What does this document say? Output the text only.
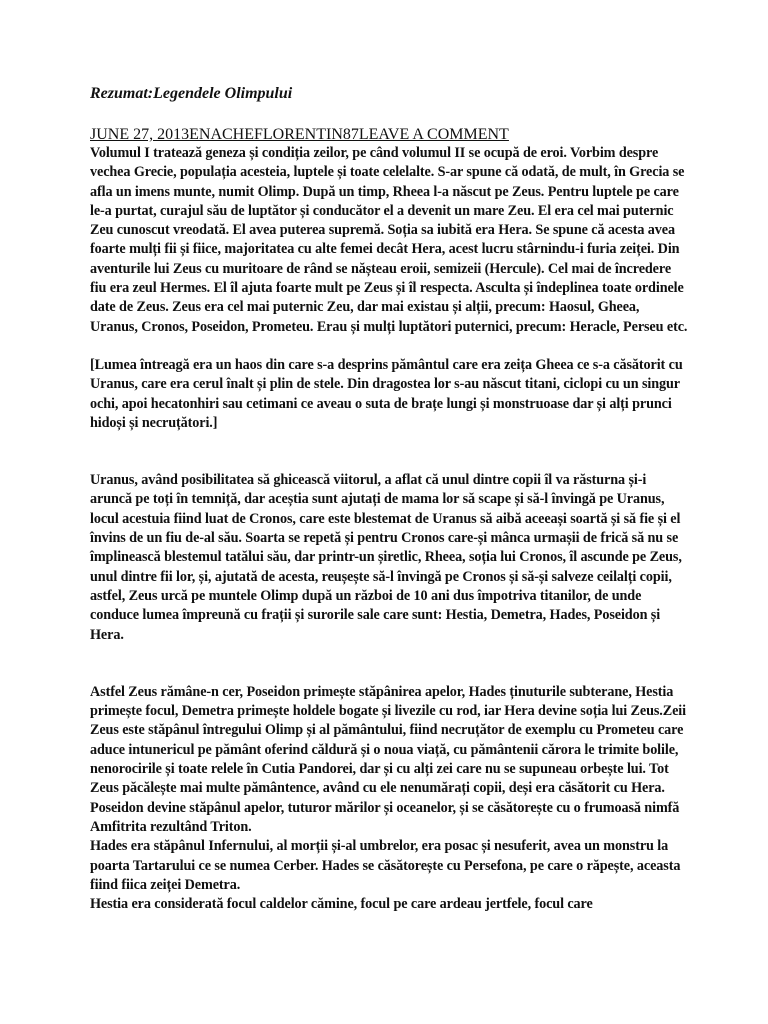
Rezumat:Legendele Olimpului
JUNE 27, 2013ENACHEFLORENTIN87LEAVE A COMMENT

Volumul I tratează geneza și condiția zeilor, pe când volumul II se ocupă de eroi. Vorbim despre vechea Grecie, populația acesteia, luptele și toate celelalte. S-ar spune că odată, de mult, în Grecia se afla un imens munte, numit Olimp. După un timp, Rheea l-a născut pe Zeus. Pentru luptele pe care le-a purtat, curajul său de luptător și conducător el a devenit un mare Zeu. El era cel mai puternic Zeu cunoscut vreodată. El avea puterea supremă. Soția sa iubită era Hera. Se spune că acesta avea foarte mulți fii și fiice, majoritatea cu alte femei decât Hera, acest lucru stârnindu-i furia zeiței. Din aventurile lui Zeus cu muritoare de rând se nășteau eroii, semizeii (Hercule). Cel mai de încredere fiu era zeul Hermes. El îl ajuta foarte mult pe Zeus și îl respecta. Asculta și îndeplinea toate ordinele date de Zeus. Zeus era cel mai puternic Zeu, dar mai existau și alții, precum: Haosul, Gheea, Uranus, Cronos, Poseidon, Prometeu. Erau și mulți luptători puternici, precum: Heracle, Perseu etc.

[Lumea întreagă era un haos din care s-a desprins pământul care era zeița Gheea ce s-a căsătorit cu Uranus, care era cerul înalt și plin de stele. Din dragostea lor s-au născut titani, ciclopi cu un singur ochi, apoi hecatonhiri sau cetimani ce aveau o suta de brațe lungi și monstruoase dar și alți prunci hidoși și necruțători.]

Uranus, având posibilitatea să ghicească viitorul, a aflat că unul dintre copii îl va răsturna și-i aruncă pe toți în temniță, dar aceștia sunt ajutați de mama lor să scape și să-l învingă pe Uranus, locul acestuia fiind luat de Cronos, care este blestemat de Uranus să aibă aceeași soartă și să fie și el învins de un fiu de-al său. Soarta se repetă și pentru Cronos care-și mânca urmașii de frică să nu se împlinească blestemul tatălui său, dar printr-un șiretlic, Rheea, soția lui Cronos, îl ascunde pe Zeus, unul dintre fii lor, și, ajutată de acesta, reușește să-l învingă pe Cronos și să-și salveze ceilalți copii, astfel, Zeus urcă pe muntele Olimp după un război de 10 ani dus împotriva titanilor, de unde conduce lumea împreună cu frații și surorile sale care sunt: Hestia, Demetra, Hades, Poseidon și Hera.

Astfel Zeus rămâne-n cer, Poseidon primește stăpânirea apelor, Hades ținuturile subterane, Hestia primește focul, Demetra primește holdele bogate și livezile cu rod, iar Hera devine soția lui Zeus.Zeii

Zeus este stăpânul întregului Olimp și al pământului, fiind necruțător de exemplu cu Prometeu care aduce intunericul pe pământ oferind căldură și o noua viață, cu pământenii cărora le trimite bolile, nenorocirile și toate relele în Cutia Pandorei, dar și cu alți zei care nu se supuneau orbește lui. Tot Zeus păcălește mai multe pământence, având cu ele nenumărați copii, deși era căsătorit cu Hera.

Poseidon devine stăpânul apelor, tuturor mărilor și oceanelor, și se căsătorește cu o frumoasă nimfă Amfitrita rezultând Triton.

Hades era stăpânul Infernului, al morții și-al umbrelor, era posac și nesuferit, avea un monstru la poarta Tartarului ce se numea Cerber. Hades se căsătorește cu Persefona, pe care o răpește, aceasta fiind fiica zeiței Demetra.

Hestia era considerată focul caldelor cămine, focul pe care ardeau jertfele, focul care
